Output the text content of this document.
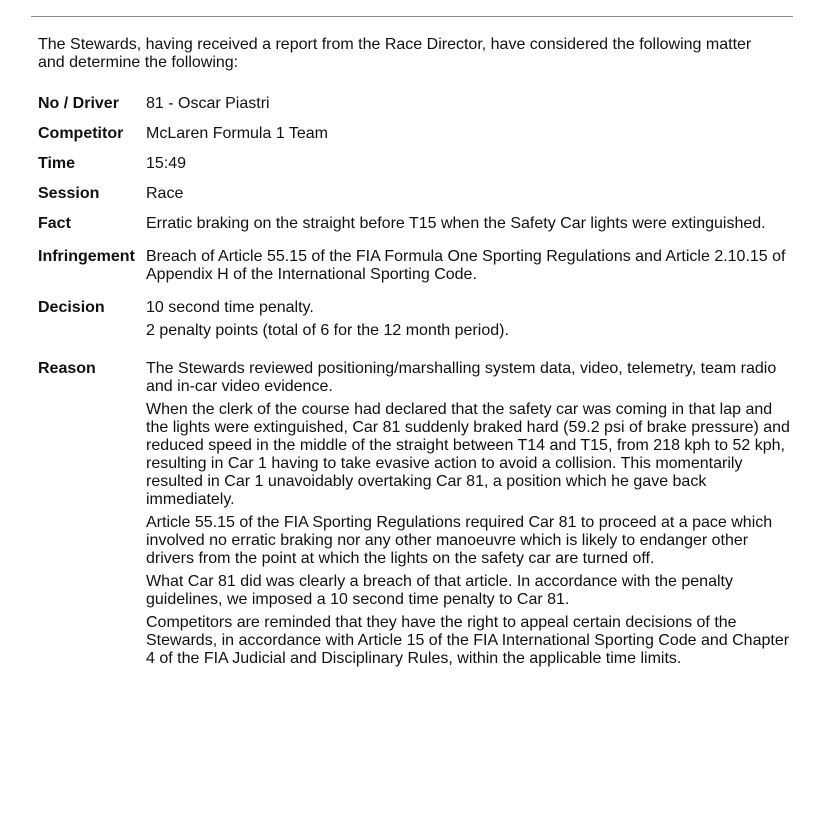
The Stewards, having received a report from the Race Director, have considered the following matter and determine the following:
No / Driver	81 - Oscar Piastri
Competitor	McLaren Formula 1 Team
Time	15:49
Session	Race
Fact	Erratic braking on the straight before T15 when the Safety Car lights were extinguished.
Infringement Breach of Article 55.15 of the FIA Formula One Sporting Regulations and Article 2.10.15 of Appendix H of the International Sporting Code.
Decision	10 second time penalty.

2 penalty points (total of 6 for the 12 month period).

Reason	The Stewards reviewed positioning/marshalling system data, video, telemetry, team radio and in-car video evidence.

When the clerk of the course had declared that the safety car was coming in that lap and the lights were extinguished, Car 81 suddenly braked hard (59.2 psi of brake pressure) and reduced speed in the middle of the straight between T14 and T15, from 218 kph to 52 kph, resulting in Car 1 having to take evasive action to avoid a collision. This momentarily resulted in Car 1 unavoidably overtaking Car 81, a position which he gave back immediately.

Article 55.15 of the FIA Sporting Regulations required Car 81 to proceed at a pace which involved no erratic braking nor any other manoeuvre which is likely to endanger other drivers from the point at which the lights on the safety car are turned off.

What Car 81 did was clearly a breach of that article. In accordance with the penalty guidelines, we imposed a 10 second time penalty to Car 81.

Competitors are reminded that they have the right to appeal certain decisions of the Stewards, in accordance with Article 15 of the FIA International Sporting Code and Chapter 4 of the FIA Judicial and Disciplinary Rules, within the applicable time limits.
